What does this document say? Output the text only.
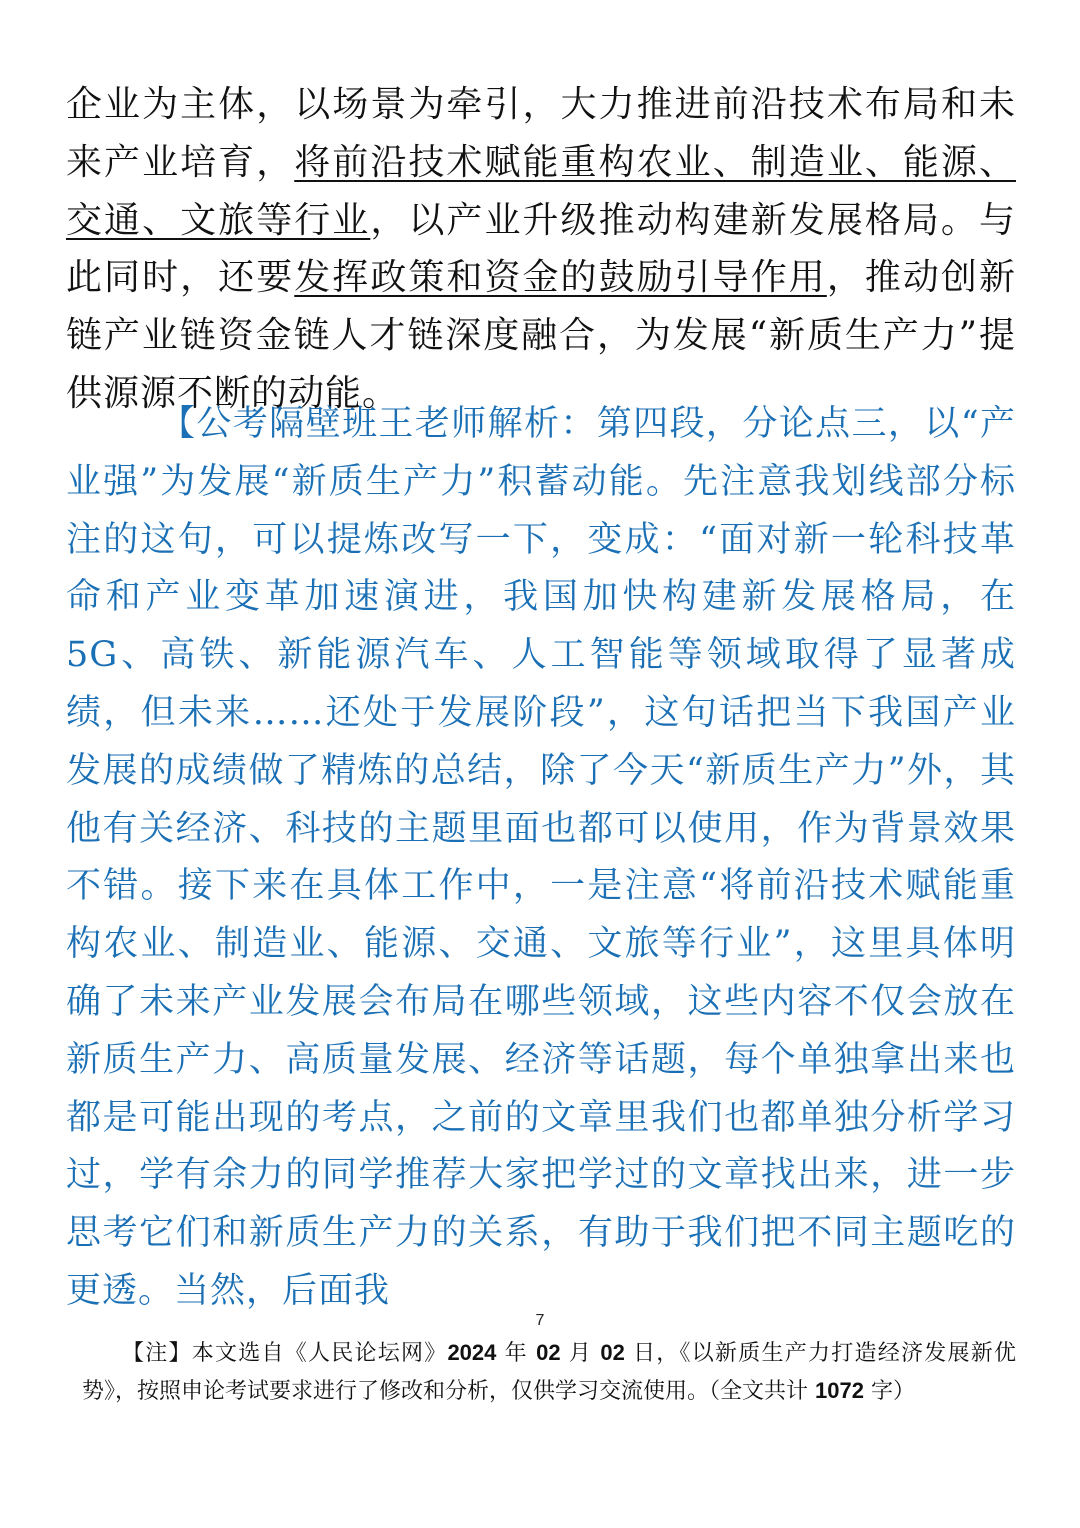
企业为主体，以场景为牵引，大力推进前沿技术布局和未来产业培育，将前沿技术赋能重构农业、制造业、能源、交通、文旅等行业，以产业升级推动构建新发展格局。与此同时，还要发挥政策和资金的鼓励引导作用，推动创新链产业链资金链人才链深度融合，为发展“新质生产力”提供源源不断的动能。

【公考隔壁班王老师解析：第四段，分论点三，以“产业强”为发展“新质生产力”积蓄动能。先注意我划线部分标注的这句，可以提炼改写一下，变成：“面对新一轮科技革命和产业变革加速演进，我国加快构建新发展格局，在 5G、高铁、新能源汽车、人工智能等领域取得了显著成绩，但未来……还处于发展阶段”，这句话把当下我国产业发展的成绩做了精炼的总结，除了今天“新质生产力”外，其他有关经济、科技的主题里面也都可以使用，作为背景效果不错。接下来在具体工作中，一是注意“将前沿技术赋能重构农业、制造业、能源、交通、文旅等行业”，这里具体明确了未来产业发展会布局在哪些领域，这些内容不仅会放在新质生产力、高质量发展、经济等话题，每个单独拿出来也都是可能出现的考点，之前的文章里我们也都单独分析学习过，学有余力的同学推荐大家把学过的文章找出来，进一步思考它们和新质生产力的关系，有助于我们把不同主题吃的更透。当然，后面我

7

【注】本文选自《人民论坛网》2024 年 02 月 02 日，《以新质生产力打造经济发展新优势》，按照申论考试要求进行了修改和分析，仅供学习交流使用。（全文共计 1072 字）
